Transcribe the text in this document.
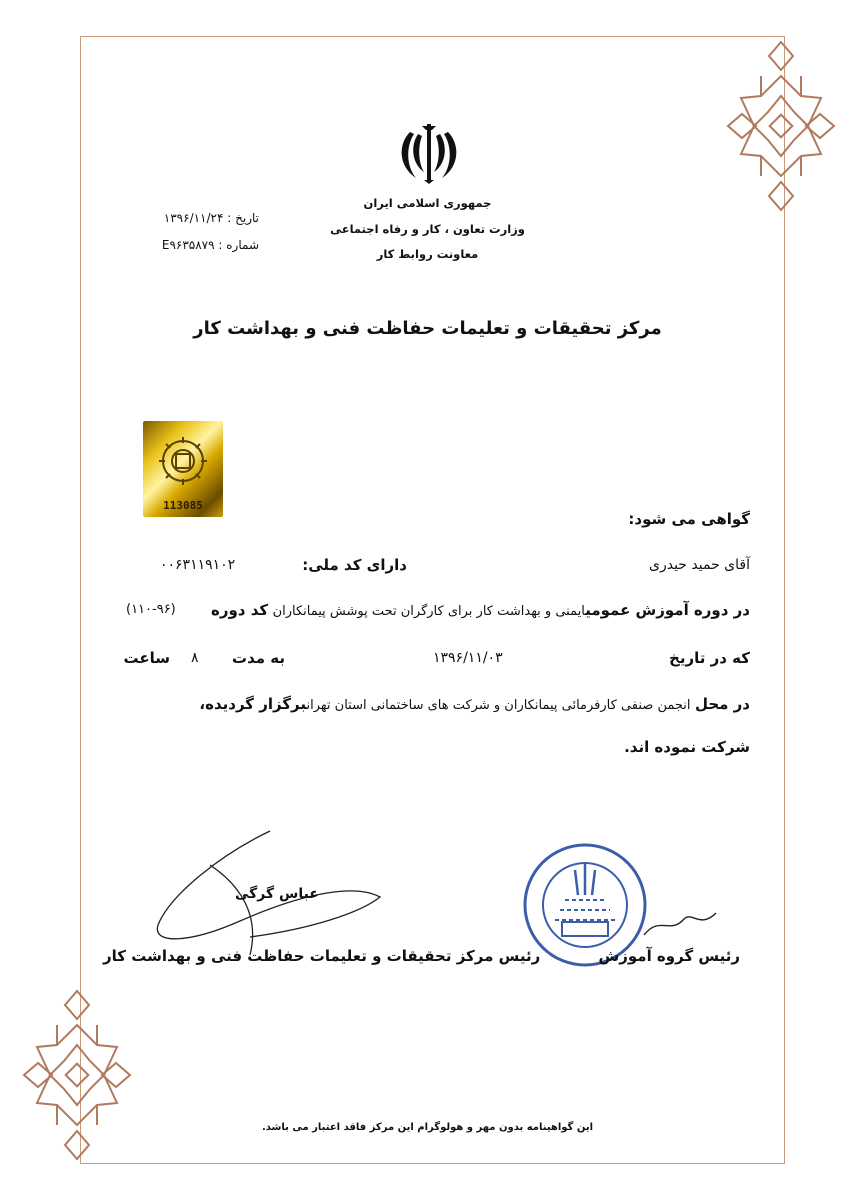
جمهوری اسلامی ایران
وزارت تعاون ، کار و رفاه اجتماعی
معاونت روابط کار
تاریخ : ۱۳۹۶/۱۱/۲۴
شماره : E۹۶۳۵۸۷۹
مرکز تحقیقات و تعلیمات حفاظت فنی و بهداشت کار
113085
گواهی می شود:
آقای حمید حیدری
دارای کد ملی:
۰۰۶۳۱۱۹۱۰۲
در دوره آموزش عمومیایمنی و بهداشت کار برای کارگران تحت پوشش پیمانکاران کد دوره
(۱۱۰-۹۶)
که در تاریخ
۱۳۹۶/۱۱/۰۳
به مدت
۸
ساعت
در محل انجمن صنفی کارفرمائی پیمانکاران و شرکت های ساختمانی استان تهرانبرگزار گردیده،
شرکت نموده اند.
عباس گرگی
رئیس مرکز تحقیقات و تعلیمات حفاظت فنی و بهداشت کار	رئیس گروه آموزش
این گواهینامه بدون مهر و هولوگرام این مرکز فاقد اعتبار می باشد.
